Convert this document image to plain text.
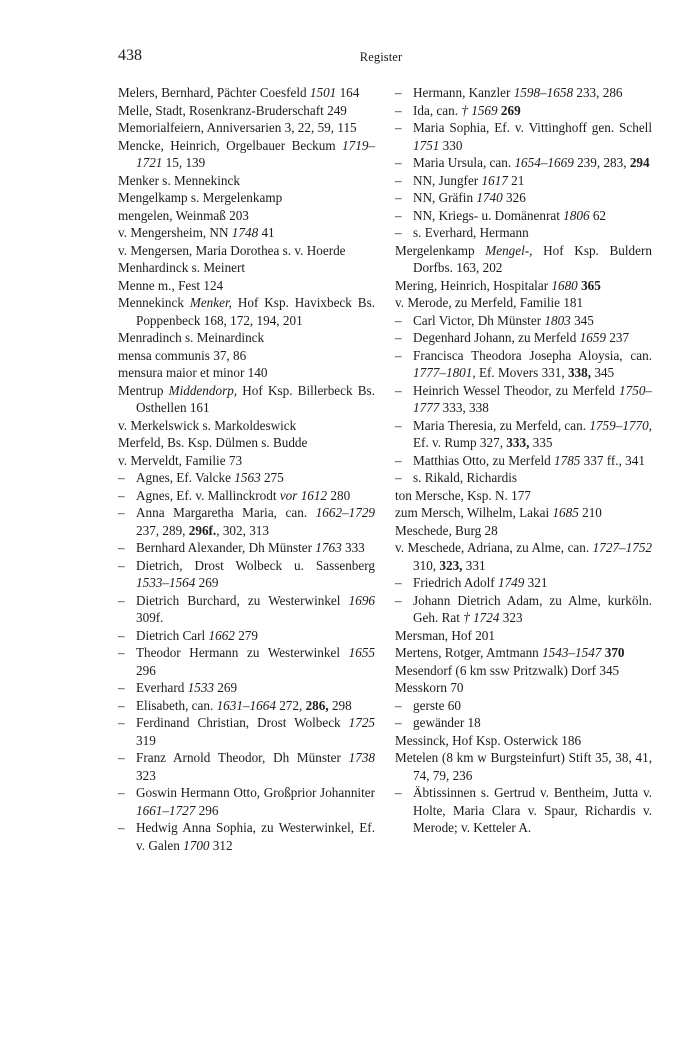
438	Register
Melers, Bernhard, Pächter Coesfeld 1501 164
Melle, Stadt, Rosenkranz-Bruderschaft 249
Memorialfeiern, Anniversarien 3, 22, 59, 115
Mencke, Heinrich, Orgelbauer Beckum 1719–1721 15, 139
Menker s. Mennekinck
Mengelkamp s. Mergelenkamp
mengelen, Weinmaß 203
v. Mengersheim, NN 1748 41
v. Mengersen, Maria Dorothea s. v. Hoerde
Menhardinck s. Meinert
Menne m., Fest 124
Mennekinck Menker, Hof Ksp. Havixbeck Bs. Poppenbeck 168, 172, 194, 201
Menradinch s. Meinardinck
mensa communis 37, 86
mensura maior et minor 140
Mentrup Middendorp, Hof Ksp. Billerbeck Bs. Osthellen 161
v. Merkelswick s. Markoldeswick
Merfeld, Bs. Ksp. Dülmen s. Budde
v. Merveldt, Familie 73
– Agnes, Ef. Valcke 1563 275
– Agnes, Ef. v. Mallinckrodt vor 1612 280
– Anna Margaretha Maria, can. 1662–1729 237, 289, 296f., 302, 313
– Bernhard Alexander, Dh Münster 1763 333
– Dietrich, Drost Wolbeck u. Sassenberg 1533–1564 269
– Dietrich Burchard, zu Westerwinkel 1696 309f.
– Dietrich Carl 1662 279
– Theodor Hermann zu Westerwinkel 1655 296
– Everhard 1533 269
– Elisabeth, can. 1631–1664 272, 286, 298
– Ferdinand Christian, Drost Wolbeck 1725 319
– Franz Arnold Theodor, Dh Münster 1738 323
– Goswin Hermann Otto, Großprior Johanniter 1661–1727 296
– Hedwig Anna Sophia, zu Westerwinkel, Ef. v. Galen 1700 312
– Hermann, Kanzler 1598–1658 233, 286
– Ida, can. † 1569 269
– Maria Sophia, Ef. v. Vittinghoff gen. Schell 1751 330
– Maria Ursula, can. 1654–1669 239, 283, 294
– NN, Jungfer 1617 21
– NN, Gräfin 1740 326
– NN, Kriegs- u. Domänenrat 1806 62
– s. Everhard, Hermann
Mergelenkamp Mengel-, Hof Ksp. Buldern Dorfbs. 163, 202
Mering, Heinrich, Hospitalar 1680 365
v. Merode, zu Merfeld, Familie 181
– Carl Victor, Dh Münster 1803 345
– Degenhard Johann, zu Merfeld 1659 237
– Francisca Theodora Josepha Aloysia, can. 1777–1801, Ef. Movers 331, 338, 345
– Heinrich Wessel Theodor, zu Merfeld 1750–1777 333, 338
– Maria Theresia, zu Merfeld, can. 1759–1770, Ef. v. Rump 327, 333, 335
– Matthias Otto, zu Merfeld 1785 337 ff., 341
– s. Rikald, Richardis
ton Mersche, Ksp. N. 177
zum Mersch, Wilhelm, Lakai 1685 210
Meschede, Burg 28
v. Meschede, Adriana, zu Alme, can. 1727–1752 310, 323, 331
– Friedrich Adolf 1749 321
– Johann Dietrich Adam, zu Alme, kurköln. Geh. Rat † 1724 323
Mersman, Hof 201
Mertens, Rotger, Amtmann 1543–1547 370
Mesendorf (6 km ssw Pritzwalk) Dorf 345
Messkorn 70
– gerste 60
– gewänder 18
Messinck, Hof Ksp. Osterwick 186
Metelen (8 km w Burgsteinfurt) Stift 35, 38, 41, 74, 79, 236
– Äbtissinnen s. Gertrud v. Bentheim, Jutta v. Holte, Maria Clara v. Spaur, Richardis v. Merode; v. Ketteler A.
